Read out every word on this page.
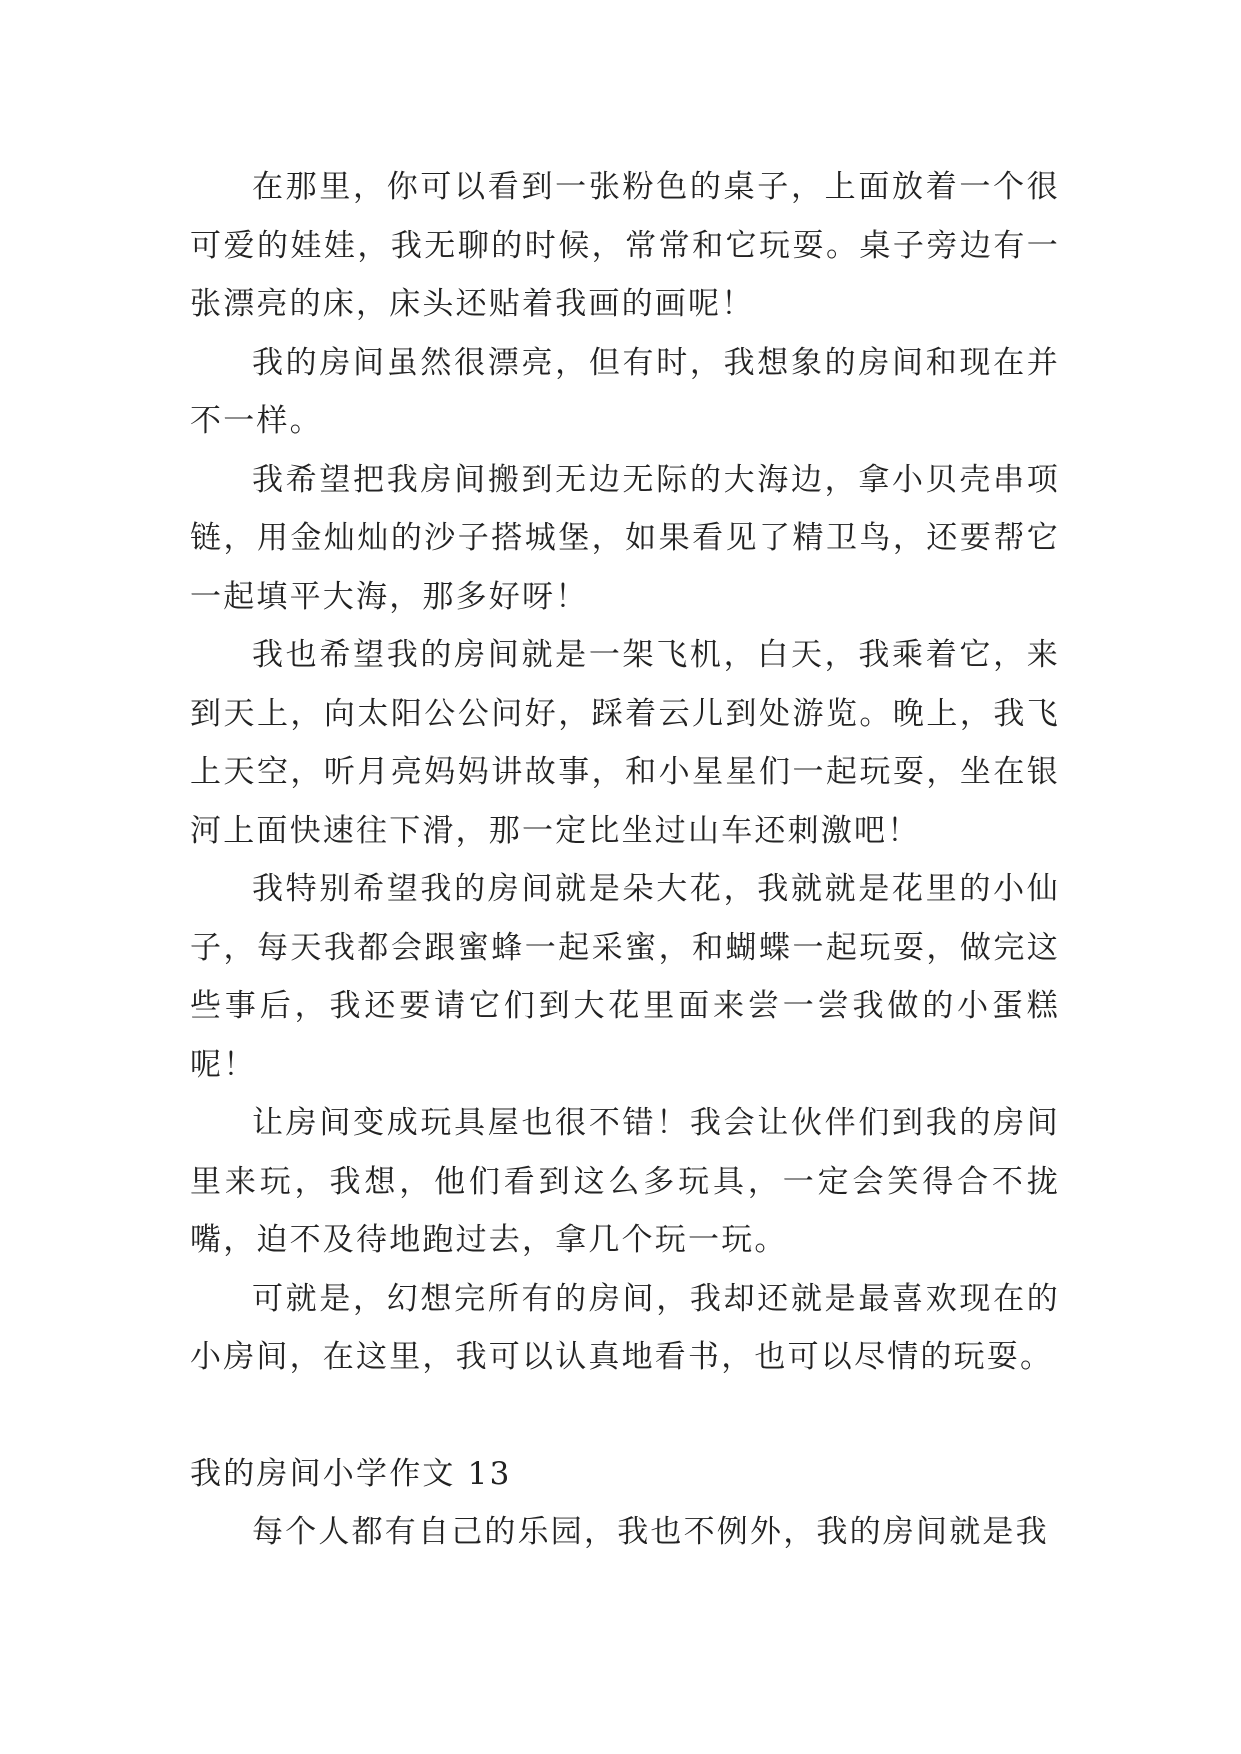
在那里，你可以看到一张粉色的桌子，上面放着一个很可爱的娃娃，我无聊的时候，常常和它玩耍。桌子旁边有一张漂亮的床，床头还贴着我画的画呢！

我的房间虽然很漂亮，但有时，我想象的房间和现在并不一样。

我希望把我房间搬到无边无际的大海边，拿小贝壳串项链，用金灿灿的沙子搭城堡，如果看见了精卫鸟，还要帮它一起填平大海，那多好呀！

我也希望我的房间就是一架飞机，白天，我乘着它，来到天上，向太阳公公问好，踩着云儿到处游览。晚上，我飞上天空，听月亮妈妈讲故事，和小星星们一起玩耍，坐在银河上面快速往下滑，那一定比坐过山车还刺激吧！

我特别希望我的房间就是朵大花，我就就是花里的小仙子，每天我都会跟蜜蜂一起采蜜，和蝴蝶一起玩耍，做完这些事后，我还要请它们到大花里面来尝一尝我做的小蛋糕呢！

让房间变成玩具屋也很不错！我会让伙伴们到我的房间里来玩，我想，他们看到这么多玩具，一定会笑得合不拢嘴，迫不及待地跑过去，拿几个玩一玩。

可就是，幻想完所有的房间，我却还就是最喜欢现在的小房间，在这里，我可以认真地看书，也可以尽情的玩耍。

我的房间小学作文 13

每个人都有自己的乐园，我也不例外，我的房间就是我
